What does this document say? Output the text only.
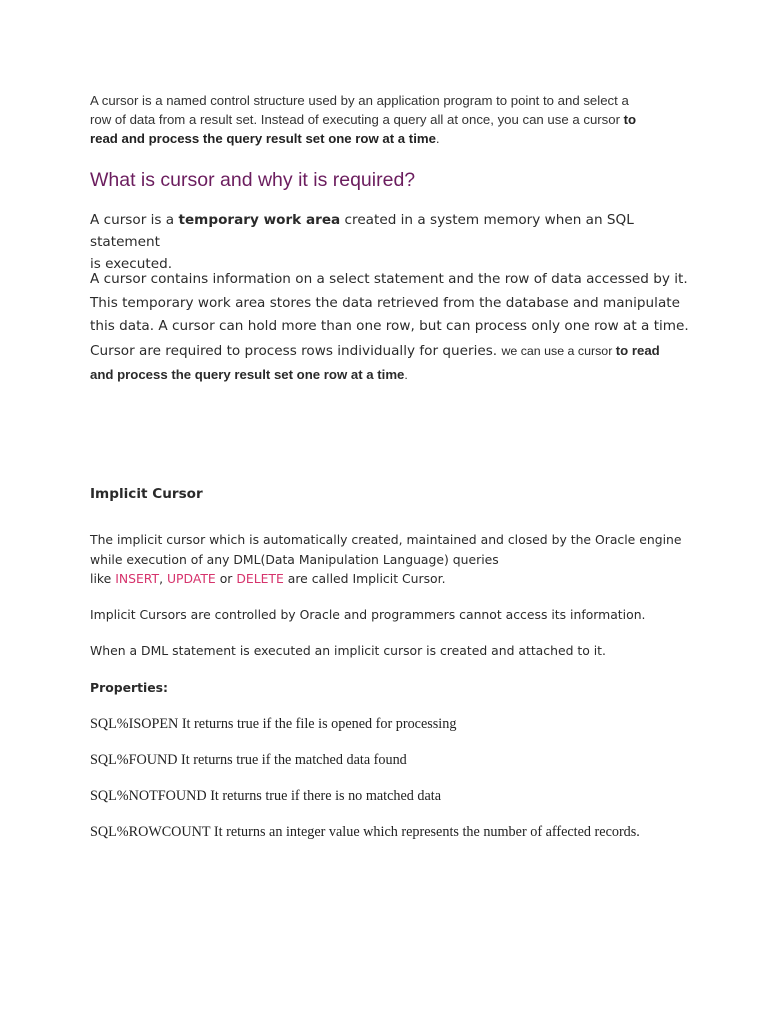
A cursor is a named control structure used by an application program to point to and select a
row of data from a result set. Instead of executing a query all at once, you can use a cursor to
read and process the query result set one row at a time.
What is cursor and why it is required?
A cursor is a temporary work area created in a system memory when an SQL statement
is executed.
A cursor contains information on a select statement and the row of data accessed by it.
This temporary work area stores the data retrieved from the database and manipulate
this data. A cursor can hold more than one row, but can process only one row at a time.
Cursor are required to process rows individually for queries. we can use a cursor to read
and process the query result set one row at a time.
Implicit Cursor
The implicit cursor which is automatically created, maintained and closed by the Oracle engine
while execution of any DML(Data Manipulation Language) queries
like INSERT, UPDATE or DELETE are called Implicit Cursor.
Implicit Cursors are controlled by Oracle and programmers cannot access its information.
When a DML statement is executed an implicit cursor is created and attached to it.
Properties:
SQL%ISOPEN It returns true if the file is opened for processing
SQL%FOUND It returns true if the matched data found
SQL%NOTFOUND It returns true if there is no matched data
SQL%ROWCOUNT It returns an integer value which represents the number of affected records.
